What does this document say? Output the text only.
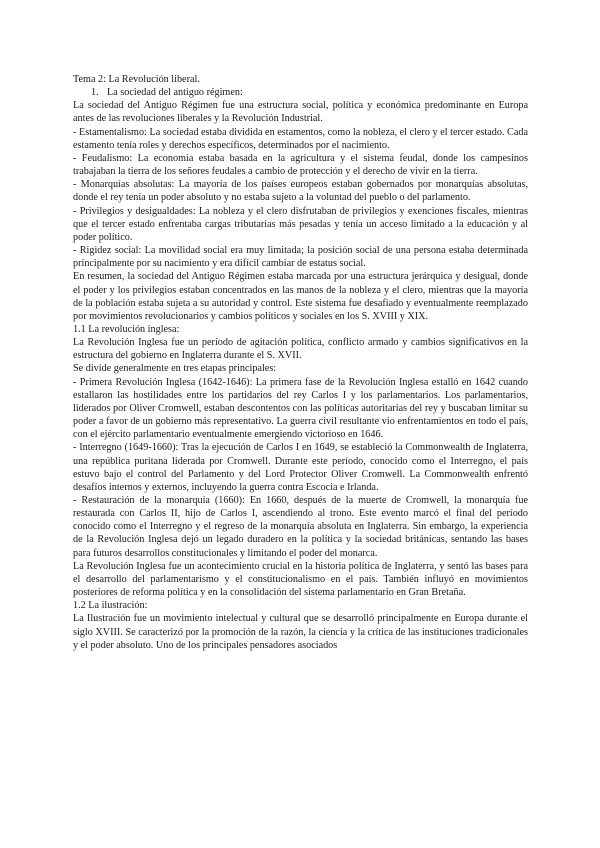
Tema 2: La Revolución liberal.

1. La sociedad del antiguo régimen:

La sociedad del Antiguo Régimen fue una estructura social, política y económica predominante en Europa antes de las revoluciones liberales y la Revolución Industrial.

- Estamentalismo: La sociedad estaba dividida en estamentos, como la nobleza, el clero y el tercer estado. Cada estamento tenía roles y derechos específicos, determinados por el nacimiento.

- Feudalismo: La economía estaba basada en la agricultura y el sistema feudal, donde los campesinos trabajaban la tierra de los señores feudales a cambio de protección y el derecho de vivir en la tierra.

- Monarquías absolutas: La mayoría de los países europeos estaban gobernados por monarquías absolutas, donde el rey tenía un poder absoluto y no estaba sujeto a la voluntad del pueblo o del parlamento.

- Privilegios y desigualdades: La nobleza y el clero disfrutaban de privilegios y exenciones fiscales, mientras que el tercer estado enfrentaba cargas tributarias más pesadas y tenía un acceso limitado a la educación y al poder político.

- Rigidez social: La movilidad social era muy limitada; la posición social de una persona estaba determinada principalmente por su nacimiento y era difícil cambiar de estatus social.

En resumen, la sociedad del Antiguo Régimen estaba marcada por una estructura jerárquica y desigual, donde el poder y los privilegios estaban concentrados en las manos de la nobleza y el clero, mientras que la mayoría de la población estaba sujeta a su autoridad y control. Este sistema fue desafiado y eventualmente reemplazado por movimientos revolucionarios y cambios políticos y sociales en los S. XVIII y XIX.

1.1 La revolución inglesa:

La Revolución Inglesa fue un período de agitación política, conflicto armado y cambios significativos en la estructura del gobierno en Inglaterra durante el S. XVII.

Se divide generalmente en tres etapas principales:

- Primera Revolución Inglesa (1642-1646): La primera fase de la Revolución Inglesa estalló en 1642 cuando estallaron las hostilidades entre los partidarios del rey Carlos I y los parlamentarios. Los parlamentarios, liderados por Oliver Cromwell, estaban descontentos con las políticas autoritarias del rey y buscaban limitar su poder a favor de un gobierno más representativo. La guerra civil resultante vio enfrentamientos en todo el país, con el ejército parlamentario eventualmente emergiendo victorioso en 1646.

- Interregno (1649-1660): Tras la ejecución de Carlos I en 1649, se estableció la Commonwealth de Inglaterra, una república puritana liderada por Cromwell. Durante este período, conocido como el Interregno, el país estuvo bajo el control del Parlamento y del Lord Protector Oliver Cromwell. La Commonwealth enfrentó desafíos internos y externos, incluyendo la guerra contra Escocia e Irlanda.

- Restauración de la monarquía (1660): En 1660, después de la muerte de Cromwell, la monarquía fue restaurada con Carlos II, hijo de Carlos I, ascendiendo al trono. Este evento marcó el final del período conocido como el Interregno y el regreso de la monarquía absoluta en Inglaterra. Sin embargo, la experiencia de la Revolución Inglesa dejó un legado duradero en la política y la sociedad británicas, sentando las bases para futuros desarrollos constitucionales y limitando el poder del monarca.

La Revolución Inglesa fue un acontecimiento crucial en la historia política de Inglaterra, y sentó las bases para el desarrollo del parlamentarismo y el constitucionalismo en el país. También influyó en movimientos posteriores de reforma política y en la consolidación del sistema parlamentario en Gran Bretaña.

1.2 La ilustración:

La Ilustración fue un movimiento intelectual y cultural que se desarrolló principalmente en Europa durante el siglo XVIII. Se caracterizó por la promoción de la razón, la ciencia y la crítica de las instituciones tradicionales y el poder absoluto. Uno de los principales pensadores asociados
